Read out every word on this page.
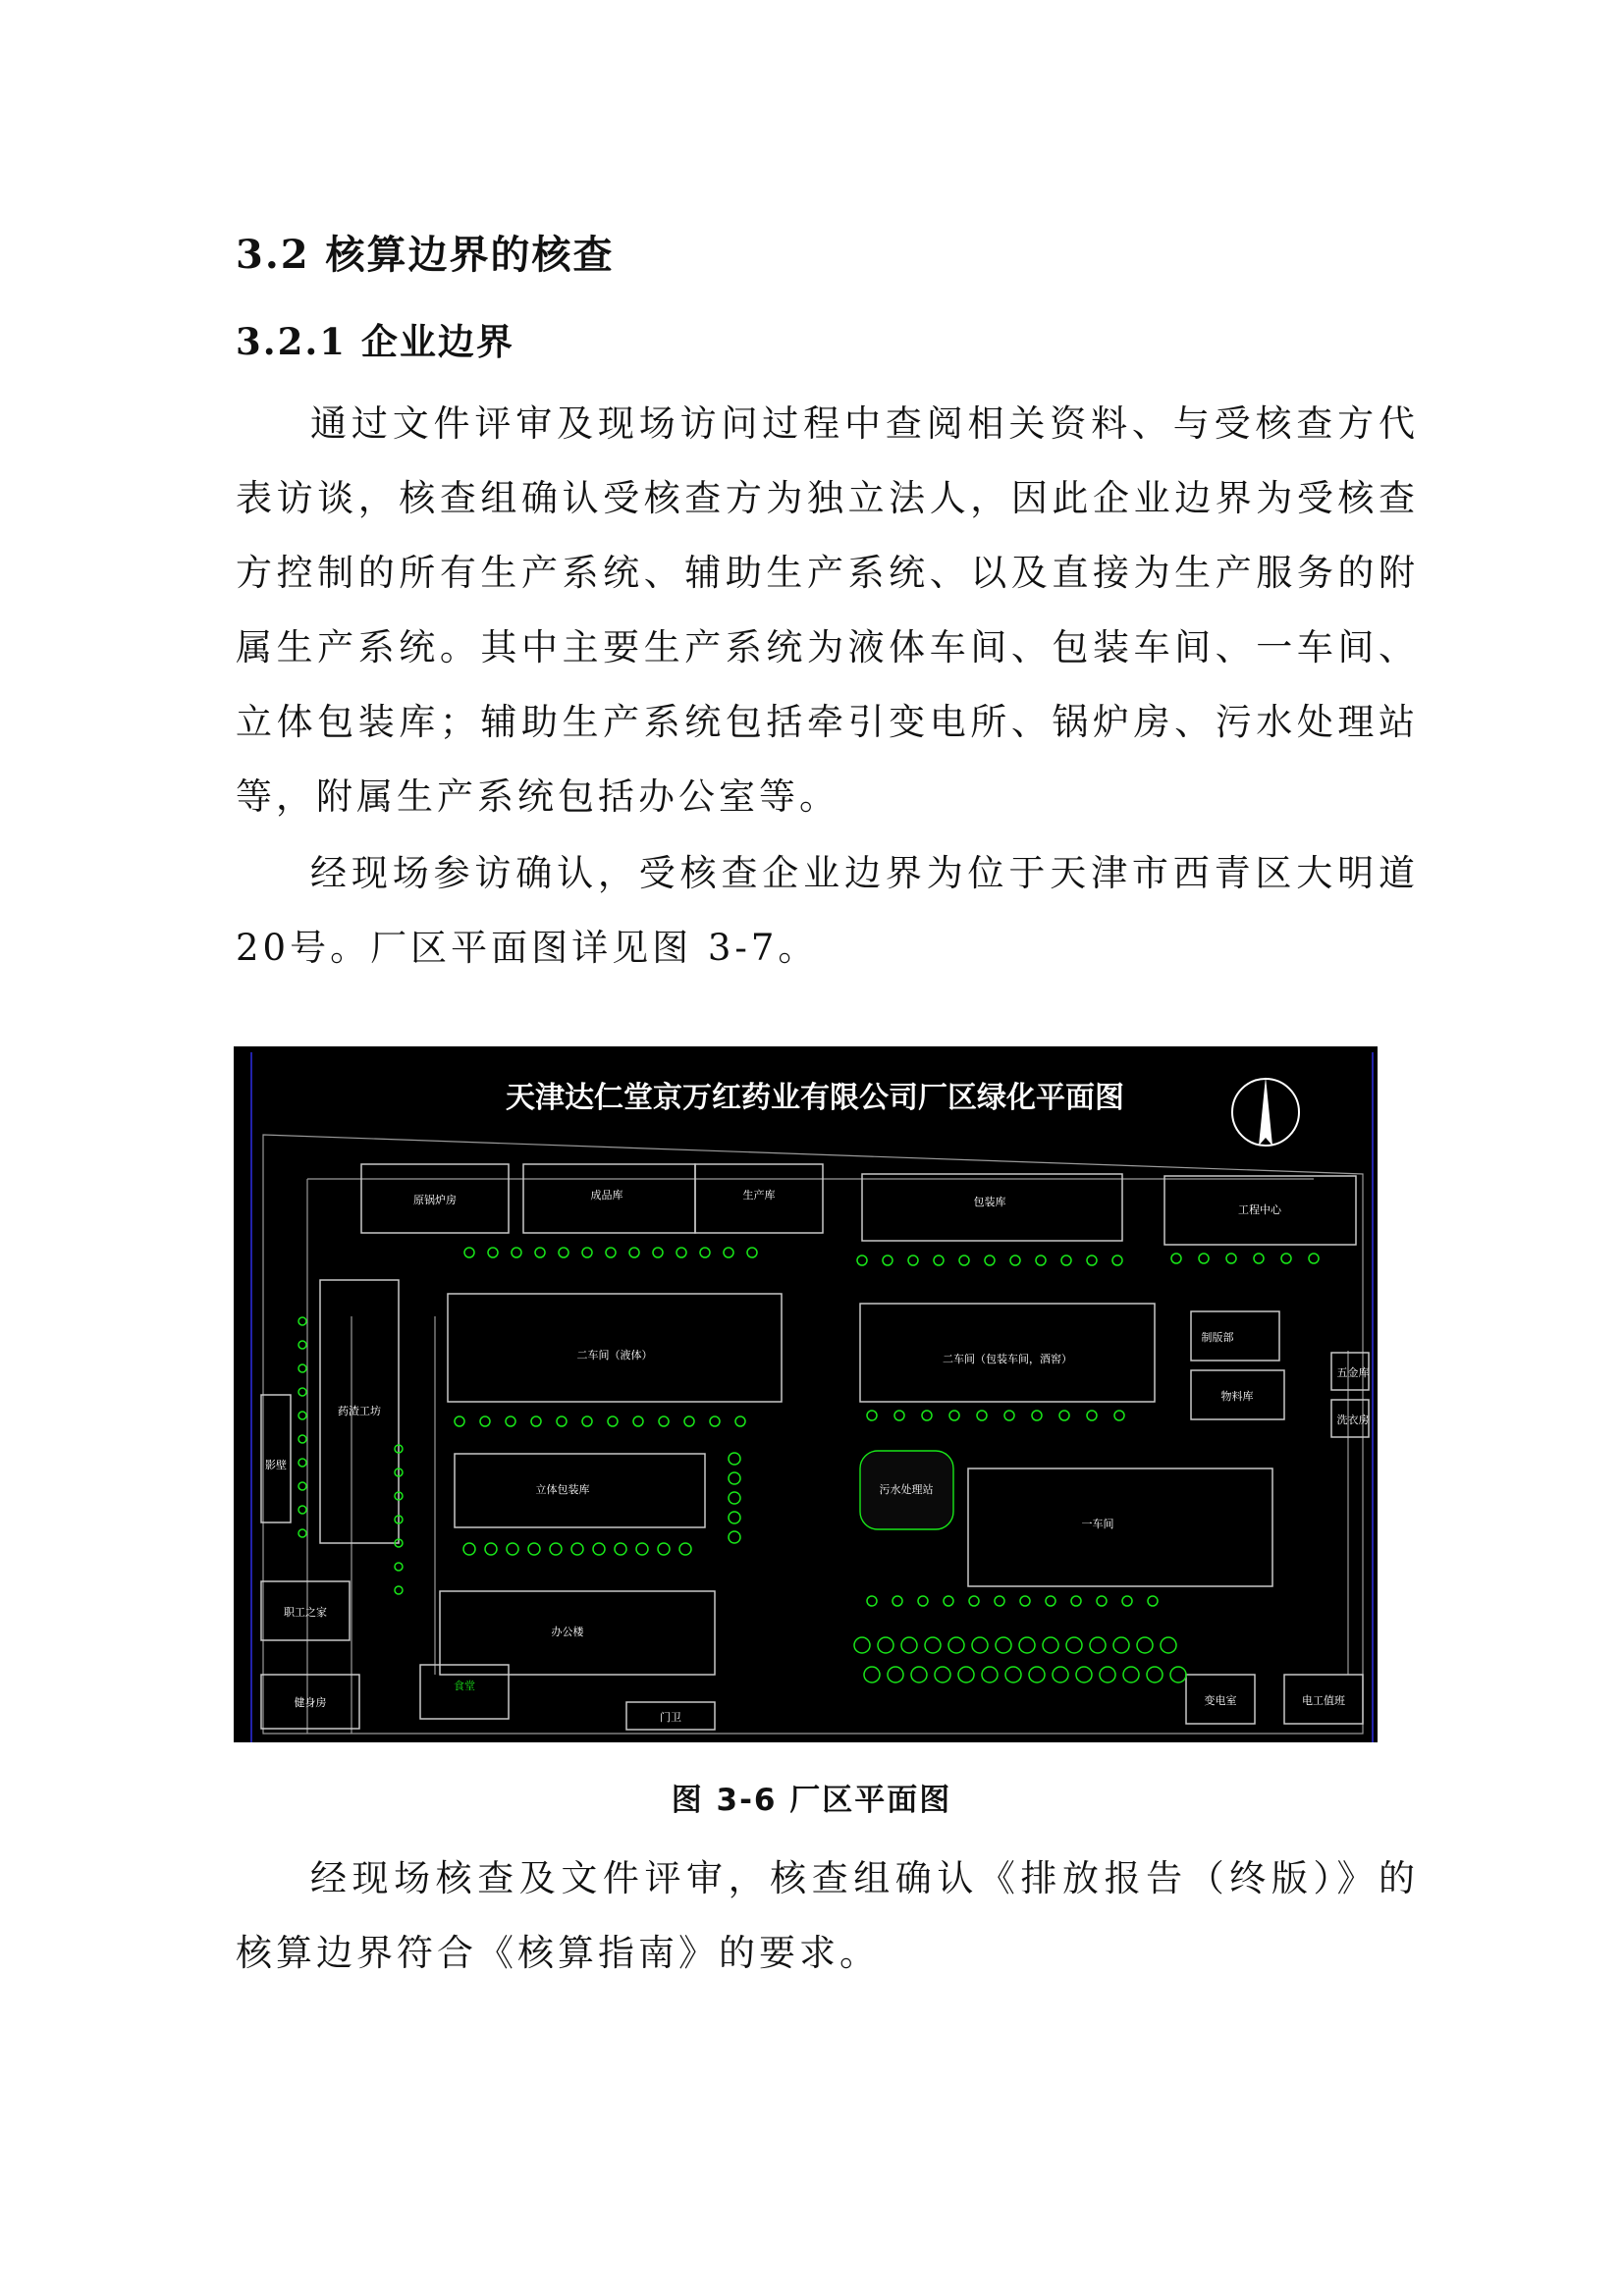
3.2 核算边界的核查
3.2.1 企业边界

通过文件评审及现场访问过程中查阅相关资料、与受核查方代表访谈，核查组确认受核查方为独立法人，因此企业边界为受核查方控制的所有生产系统、辅助生产系统、以及直接为生产服务的附属生产系统。其中主要生产系统为液体车间、包装车间、一车间、立体包装库；辅助生产系统包括牵引变电所、锅炉房、污水处理站等，附属生产系统包括办公室等。

经现场参访确认，受核查企业边界为位于天津市西青区大明道20号。厂区平面图详见图 3-7。

天津达仁堂京万红药业有限公司厂区绿化平面图
原锅炉房	成品库	生产库
包装库
工程中心
药渣工坊
二车间（液体）	二车间（包装车间，酒窖）
制版部
物料库
五金库
洗衣房
影壁
立体包装库	污水处理站
一车间
职工之家
办公楼
健身房
食堂
门卫
变电室	电工值班

图 3-6 厂区平面图

经现场核查及文件评审，核查组确认《排放报告（终版）》的核算边界符合《核算指南》的要求。
